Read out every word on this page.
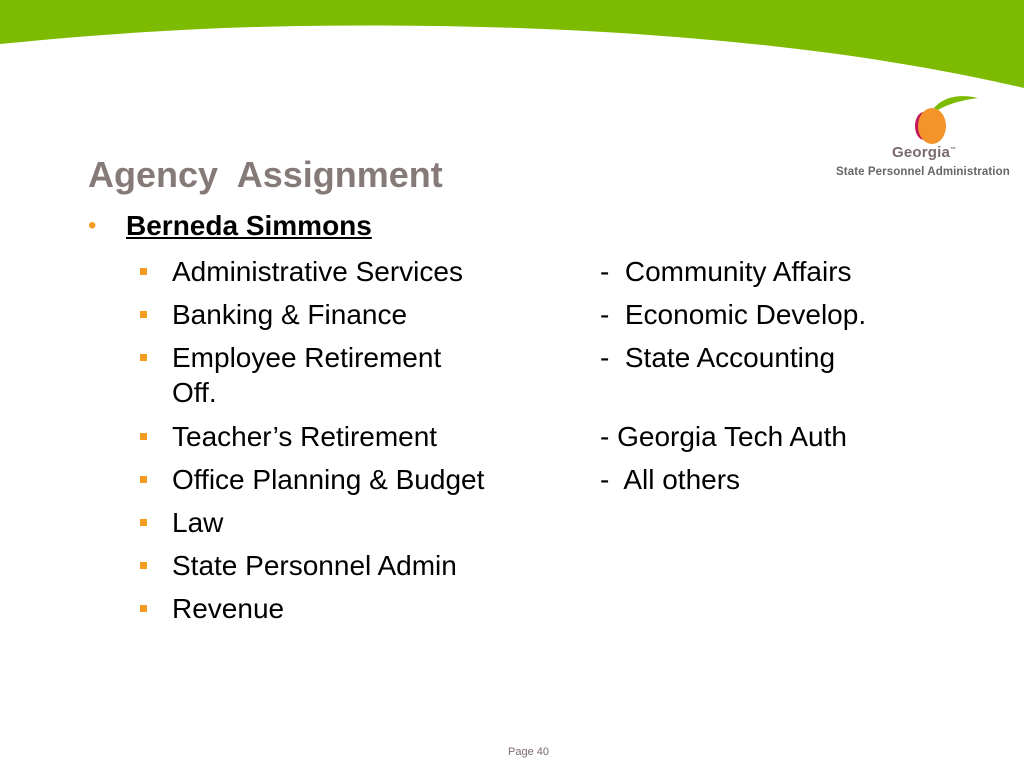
Georgia™
State Personnel Administration
Agency  Assignment
• Berneda Simmons
Administrative Services
Banking & Finance
Employee Retirement
Off.
Teacher’s Retirement
Office Planning & Budget
Law
State Personnel Admin
Revenue
-  Community Affairs
-  Economic Develop.
-  State Accounting
- Georgia Tech Auth
-  All others
Page 40
